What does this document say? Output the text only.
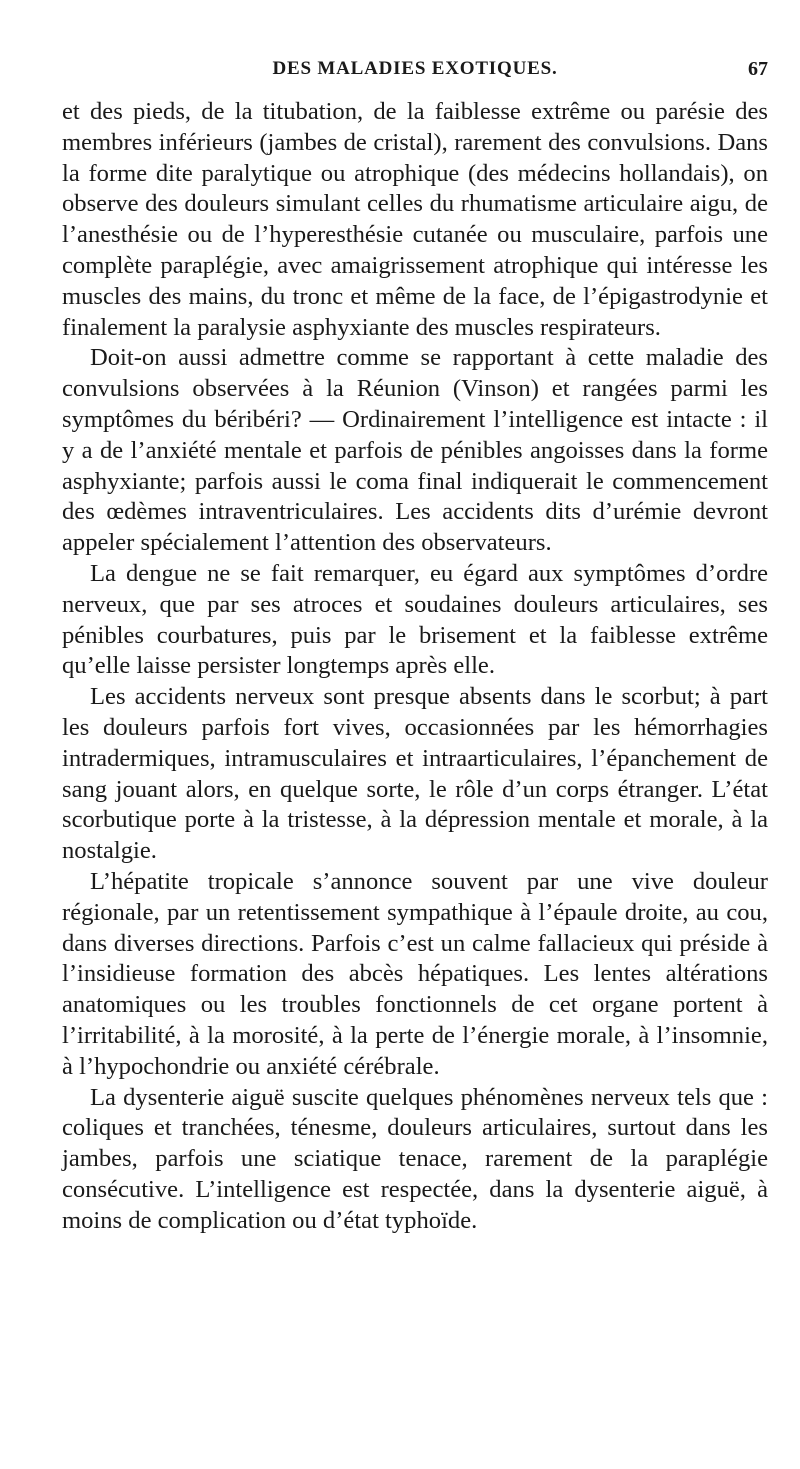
DES MALADIES EXOTIQUES.	67

et des pieds, de la titubation, de la faiblesse extrême ou parésie des membres inférieurs (jambes de cristal), rarement des convulsions. Dans la forme dite paralytique ou atrophique (des médecins hollandais), on observe des douleurs simulant celles du rhumatisme articulaire aigu, de l’anesthésie ou de l’hyperesthésie cutanée ou musculaire, parfois une complète paraplégie, avec amaigrissement atrophique qui intéresse les muscles des mains, du tronc et même de la face, de l’épigastrodynie et finalement la paralysie asphyxiante des muscles respirateurs.

Doit-on aussi admettre comme se rapportant à cette maladie des convulsions observées à la Réunion (Vinson) et rangées parmi les symptômes du béribéri? — Ordinairement l’intelligence est intacte : il y a de l’anxiété mentale et parfois de pénibles angoisses dans la forme asphyxiante; parfois aussi le coma final indiquerait le commencement des œdèmes intraventriculaires. Les accidents dits d’urémie devront appeler spécialement l’attention des observateurs.

La dengue ne se fait remarquer, eu égard aux symptômes d’ordre nerveux, que par ses atroces et soudaines douleurs articulaires, ses pénibles courbatures, puis par le brisement et la faiblesse extrême qu’elle laisse persister longtemps après elle.

Les accidents nerveux sont presque absents dans le scorbut; à part les douleurs parfois fort vives, occasionnées par les hémorrhagies intradermiques, intramusculaires et intraarticulaires, l’épanchement de sang jouant alors, en quelque sorte, le rôle d’un corps étranger. L’état scorbutique porte à la tristesse, à la dépression mentale et morale, à la nostalgie.

L’hépatite tropicale s’annonce souvent par une vive douleur régionale, par un retentissement sympathique à l’épaule droite, au cou, dans diverses directions. Parfois c’est un calme fallacieux qui préside à l’insidieuse formation des abcès hépatiques. Les lentes altérations anatomiques ou les troubles fonctionnels de cet organe portent à l’irritabilité, à la morosité, à la perte de l’énergie morale, à l’insomnie, à l’hypochondrie ou anxiété cérébrale.

La dysenterie aiguë suscite quelques phénomènes nerveux tels que : coliques et tranchées, ténesme, douleurs articulaires, surtout dans les jambes, parfois une sciatique tenace, rarement de la paraplégie consécutive. L’intelligence est respectée, dans la dysenterie aiguë, à moins de complication ou d’état typhoïde.
